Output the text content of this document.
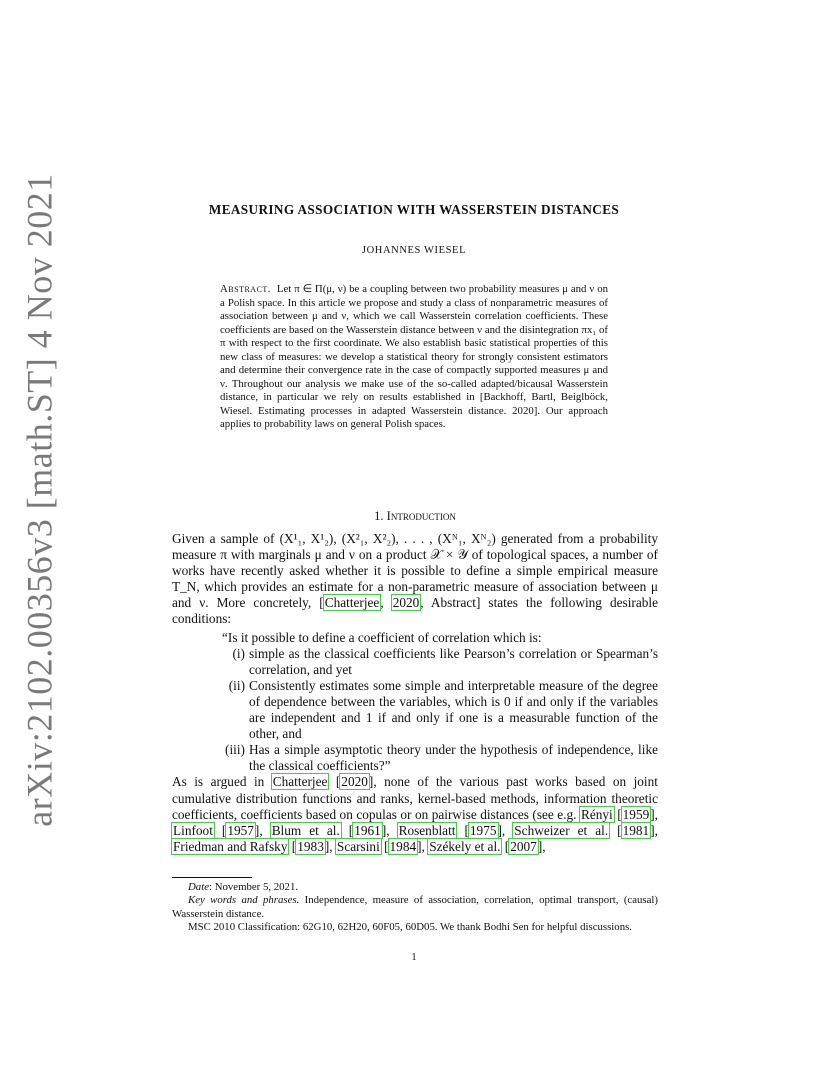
arXiv:2102.00356v3 [math.ST] 4 Nov 2021	MEASURING ASSOCIATION WITH WASSERSTEIN DISTANCES
JOHANNES WIESEL
Abstract. Let π ∈ Π(μ, ν) be a coupling between two probability measures μ and ν on a Polish space. In this article we propose and study a class of nonparametric measures of association between μ and ν, which we call Wasserstein correlation coefficients. These coefficients are based on the Wasserstein distance between ν and the disintegration πx₁ of π with respect to the first coordinate. We also establish basic statistical properties of this new class of measures: we develop a statistical theory for strongly consistent estimators and determine their convergence rate in the case of compactly supported measures μ and ν. Throughout our analysis we make use of the so-called adapted/bicausal Wasserstein distance, in particular we rely on results established in [Backhoff, Bartl, Beiglböck, Wiesel. Estimating processes in adapted Wasserstein distance. 2020]. Our approach applies to probability laws on general Polish spaces.
1. Introduction

Given a sample of (X¹₁, X¹₂), (X²₁, X²₂), . . . , (Xᴺ₁, Xᴺ₂) generated from a probability measure π with marginals μ and ν on a product 𝒳 × 𝒴 of topological spaces, a number of works have recently asked whether it is possible to define a simple empirical measure T_N, which provides an estimate for a non-parametric measure of association between μ and ν. More concretely, [Chatterjee, 2020, Abstract] states the following desirable conditions:

“Is it possible to define a coefficient of correlation which is:
(i) simple as the classical coefficients like Pearson’s correlation or Spearman’s correlation, and yet
(ii) Consistently estimates some simple and interpretable measure of the degree of dependence between the variables, which is 0 if and only if the variables are independent and 1 if and only if one is a measurable function of the other, and
(iii) Has a simple asymptotic theory under the hypothesis of independence, like the classical coefficients?”

As is argued in Chatterjee [2020], none of the various past works based on joint cumulative distribution functions and ranks, kernel-based methods, information theoretic coefficients, coefficients based on copulas or on pairwise distances (see e.g. Rényi [1959], Linfoot [1957], Blum et al. [1961], Rosenblatt [1975], Schweizer et al. [1981], Friedman and Rafsky [1983], Scarsini [1984], Székely et al. [2007],

Date: November 5, 2021.

Key words and phrases. Independence, measure of association, correlation, optimal transport, (causal) Wasserstein distance.

MSC 2010 Classification: 62G10, 62H20, 60F05, 60D05. We thank Bodhi Sen for helpful discussions.

1
